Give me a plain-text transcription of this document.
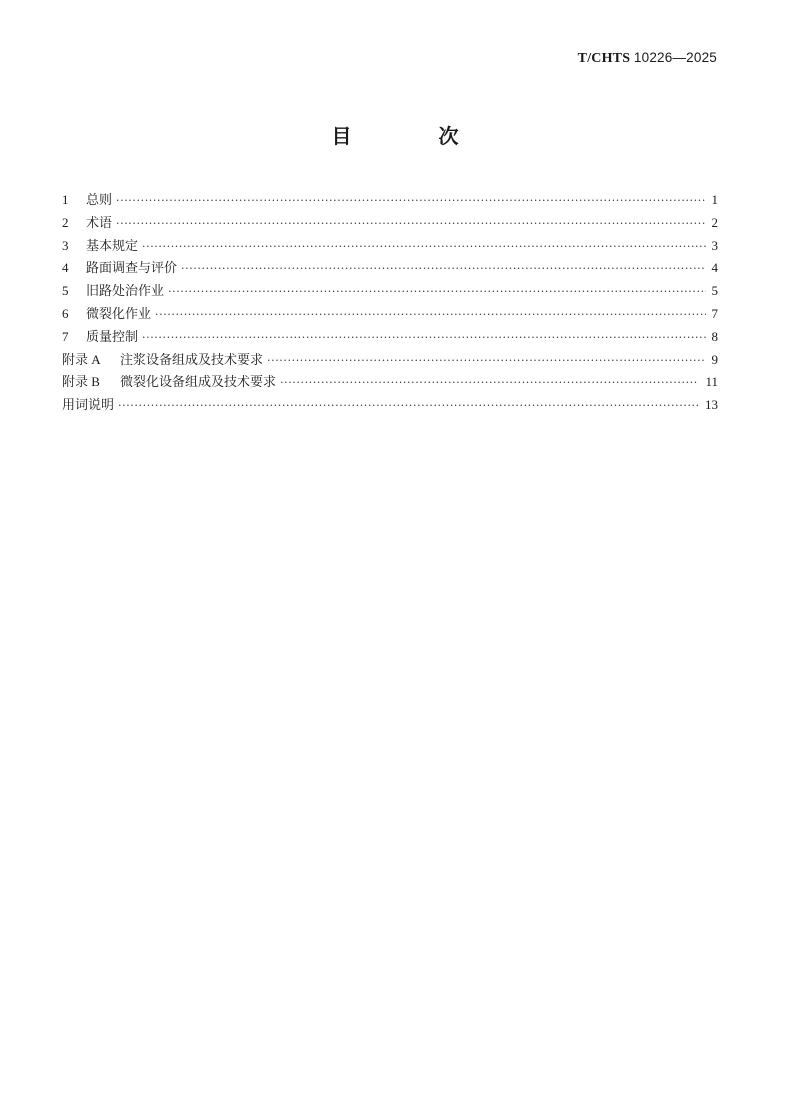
T/CHTS 10226—2025
目 次
1	总则 ·····	1
2	术语 ·····	2
3	基本规定 ·····	3
4	路面调查与评价 ·····	4
5	旧路处治作业 ·····	5
6	微裂化作业 ·····	7
7	质量控制 ·····	8
附录 A	注浆设备组成及技术要求 ·····	9
附录 B	微裂化设备组成及技术要求 ·····	11
用词说明 ·····	13
